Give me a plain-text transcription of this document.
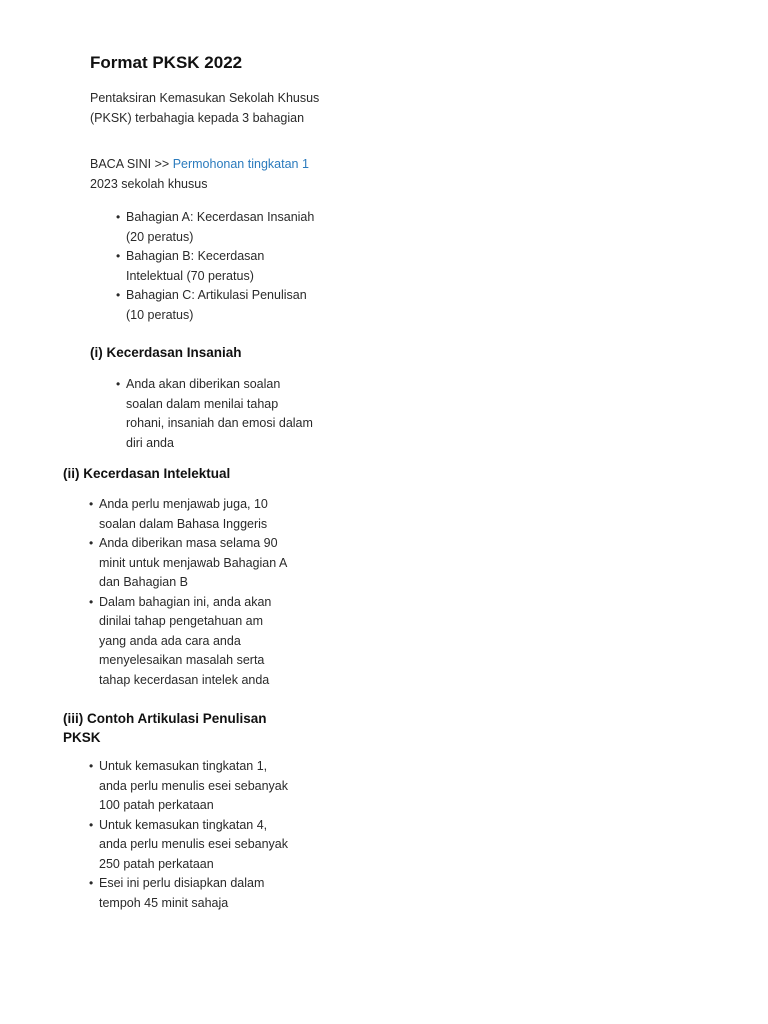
Format PKSK 2022

Pentaksiran Kemasukan Sekolah Khusus
(PKSK) terbahagia kepada 3 bahagian

BACA SINI >> Permohonan tingkatan 1
2023 sekolah khusus

• Bahagian A: Kecerdasan Insaniah
(20 peratus)
• Bahagian B: Kecerdasan
Intelektual (70 peratus)
• Bahagian C: Artikulasi Penulisan
(10 peratus)
(i) Kecerdasan Insaniah
• Anda akan diberikan soalan
soalan dalam menilai tahap
rohani, insaniah dan emosi dalam
diri anda
(ii) Kecerdasan Intelektual
• Anda perlu menjawab juga, 10
soalan dalam Bahasa Inggeris
• Anda diberikan masa selama 90
minit untuk menjawab Bahagian A
dan Bahagian B
• Dalam bahagian ini, anda akan
dinilai tahap pengetahuan am
yang anda ada cara anda
menyelesaikan masalah serta
tahap kecerdasan intelek anda
(iii) Contoh Artikulasi Penulisan
PKSK
• Untuk kemasukan tingkatan 1,
anda perlu menulis esei sebanyak
100 patah perkataan
• Untuk kemasukan tingkatan 4,
anda perlu menulis esei sebanyak
250 patah perkataan
• Esei ini perlu disiapkan dalam
tempoh 45 minit sahaja
